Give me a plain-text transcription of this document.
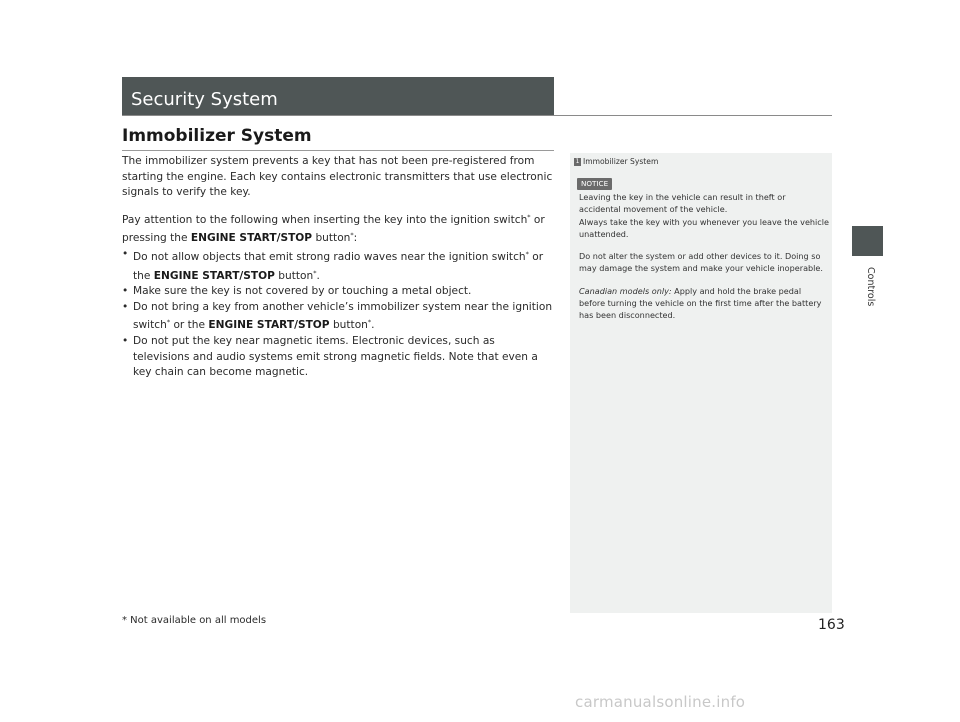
Security System
Immobilizer System

The immobilizer system prevents a key that has not been pre-registered from starting the engine. Each key contains electronic transmitters that use electronic signals to verify the key.

Pay attention to the following when inserting the key into the ignition switch* or pressing the ENGINE START/STOP button*:

• Do not allow objects that emit strong radio waves near the ignition switch* or the ENGINE START/STOP button*.
• Make sure the key is not covered by or touching a metal object.
• Do not bring a key from another vehicle’s immobilizer system near the ignition switch* or the ENGINE START/STOP button*.
• Do not put the key near magnetic items. Electronic devices, such as televisions and audio systems emit strong magnetic fields. Note that even a key chain can become magnetic.
1 Immobilizer System
NOTICE

Leaving the key in the vehicle can result in theft or accidental movement of the vehicle.

Always take the key with you whenever you leave the vehicle unattended.

Do not alter the system or add other devices to it. Doing so may damage the system and make your vehicle inoperable.

Canadian models only: Apply and hold the brake pedal before turning the vehicle on the first time after the battery has been disconnected.

Controls
* Not available on all models	163
carmanualsonline.info
